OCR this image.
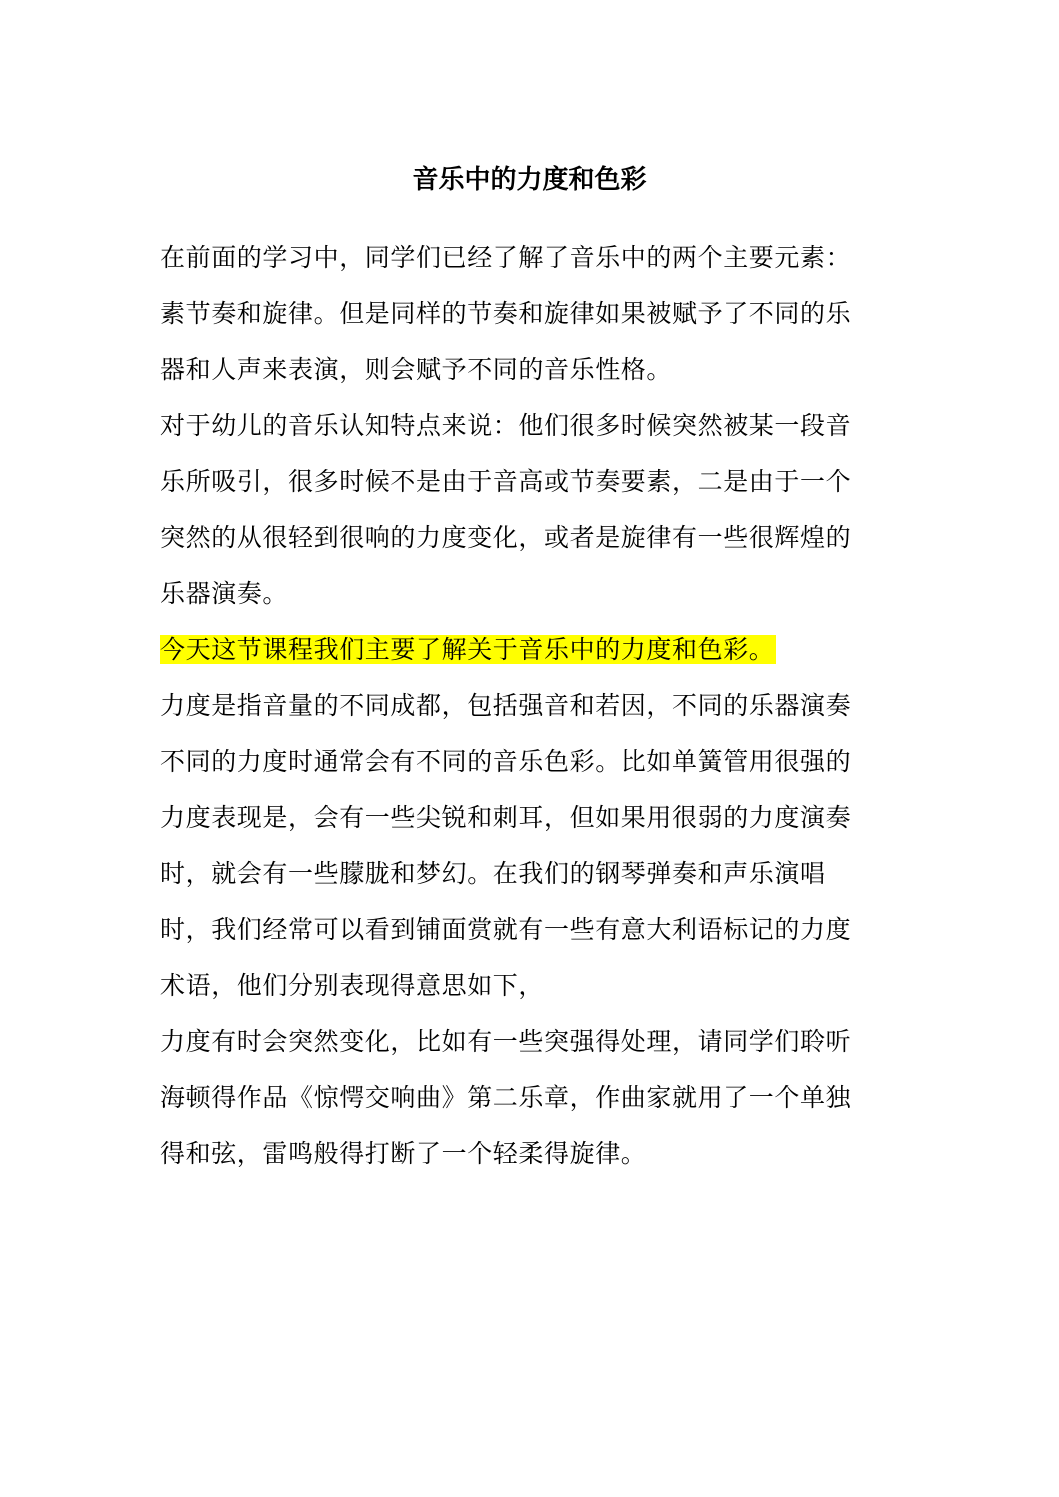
音乐中的力度和色彩
在前面的学习中，同学们已经了解了音乐中的两个主要元素：
素节奏和旋律。但是同样的节奏和旋律如果被赋予了不同的乐
器和人声来表演，则会赋予不同的音乐性格。
对于幼儿的音乐认知特点来说：他们很多时候突然被某一段音
乐所吸引，很多时候不是由于音高或节奏要素，二是由于一个
突然的从很轻到很响的力度变化，或者是旋律有一些很辉煌的
乐器演奏。
今天这节课程我们主要了解关于音乐中的力度和色彩。
力度是指音量的不同成都，包括强音和若因，不同的乐器演奏
不同的力度时通常会有不同的音乐色彩。比如单簧管用很强的
力度表现是，会有一些尖锐和刺耳，但如果用很弱的力度演奏
时，就会有一些朦胧和梦幻。在我们的钢琴弹奏和声乐演唱
时，我们经常可以看到铺面赏就有一些有意大利语标记的力度
术语，他们分别表现得意思如下，
力度有时会突然变化，比如有一些突强得处理，请同学们聆听
海顿得作品《惊愕交响曲》第二乐章，作曲家就用了一个单独
得和弦，雷鸣般得打断了一个轻柔得旋律。
